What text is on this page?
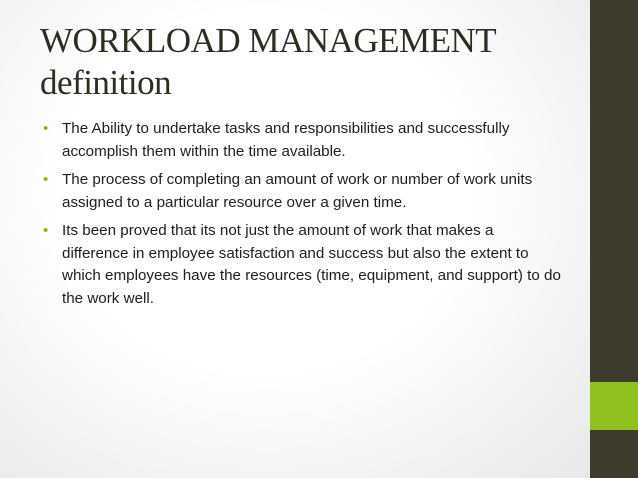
WORKLOAD MANAGEMENT
definition
• The Ability to undertake tasks and responsibilities and successfully accomplish them within the time available.
• The process of completing an amount of work or number of work units assigned to a particular resource over a given time.
• Its been proved that its not just the amount of work that makes a difference in employee satisfaction and success but also the extent to which employees have the resources (time, equipment, and support) to do the work well.
